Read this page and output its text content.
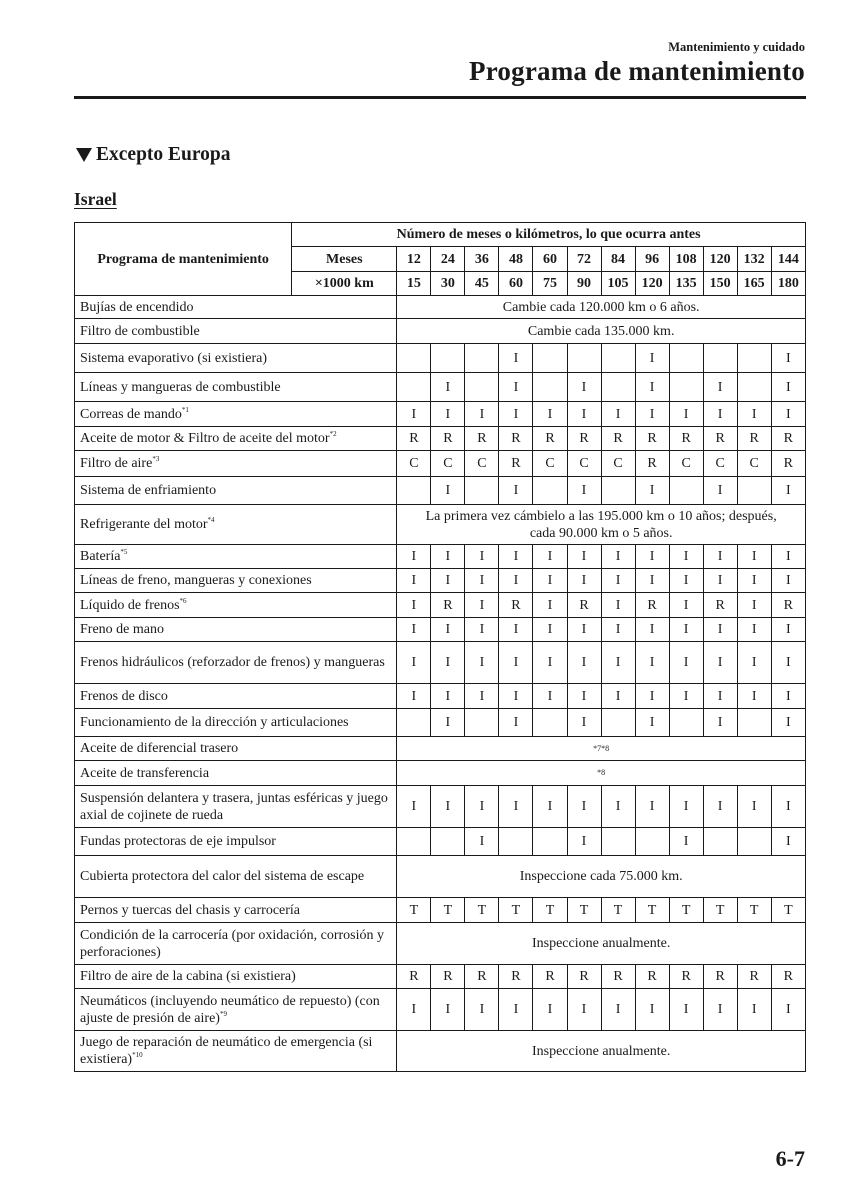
Mantenimiento y cuidado
Programa de mantenimiento
Excepto Europa
Israel
Programa de mantenimiento	Número de meses o kilómetros, lo que ocurra antes												
	Meses	12	24	36	48	60	72	84	96	108	120	132	144
	×1000 km	15	30	45	60	75	90	105	120	135	150	165	180
Bujías de encendido		Cambie cada 120.000 km o 6 años.											
Filtro de combustible		Cambie cada 135.000 km.											
Sistema evaporativo (si existiera)					I				I				I
Líneas y mangueras de combustible			I		I		I		I		I		I
Correas de mando$^{*1}$		I	I	I	I	I	I	I	I	I	I	I	I
Aceite de motor & Filtro de aceite del motor$^{*2}$		R	R	R	R	R	R	R	R	R	R	R	R
Filtro de aire$^{*3}$		C	C	C	R	C	C	C	R	C	C	C	R
Sistema de enfriamiento			I		I		I		I		I		I
Refrigerante del motor$^{*4}$		La primera vez cámbielo a las 195.000 km o 10 años; después,
cada 90.000 km o 5 años.											

Batería$^{*5}$		I	I	I	I	I	I	I	I	I	I	I	I
Líneas de freno, mangueras y conexiones		I	I	I	I	I	I	I	I	I	I	I	I
Líquido de frenos$^{*6}$		I	R	I	R	I	R	I	R	I	R	I	R
Freno de mano		I	I	I	I	I	I	I	I	I	I	I	I
Frenos hidráulicos (reforzador de frenos) y mangueras		I	I	I	I	I	I	I	I	I	I	I	I
Frenos de disco		I	I	I	I	I	I	I	I	I	I	I	I
Funcionamiento de la dirección y articulaciones			I		I		I		I		I		I
Aceite de diferencial trasero		*7*8											
Aceite de transferencia		*8											
Suspensión delantera y trasera, juntas esféricas y juego axial de cojinete de rueda		I	I	I	I	I	I	I	I	I	I	I	I
Fundas protectoras de eje impulsor				I			I			I			I
Cubierta protectora del calor del sistema de escape		Inspeccione cada 75.000 km.											
Pernos y tuercas del chasis y carrocería		T	T	T	T	T	T	T	T	T	T	T	T
Condición de la carrocería (por oxidación, corrosión y perforaciones)		Inspeccione anualmente.											
Filtro de aire de la cabina (si existiera)		R	R	R	R	R	R	R	R	R	R	R	R
Neumáticos (incluyendo neumático de repuesto) (con ajuste de presión de aire)$^{*9}$		I	I	I	I	I	I	I	I	I	I	I	I
Juego de reparación de neumático de emergencia (si existiera)$^{*10}$		Inspeccione anualmente.											
6-7
